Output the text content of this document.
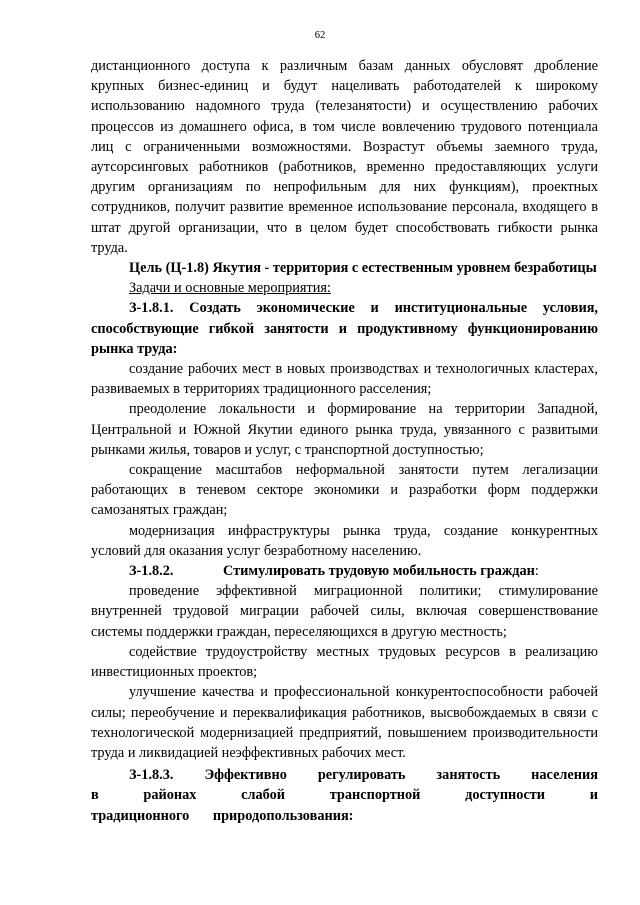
62

дистанционного доступа к различным базам данных обусловят дробление крупных бизнес-единиц и будут нацеливать работодателей к широкому использованию надомного труда (телезанятости) и осуществлению рабочих процессов из домашнего офиса, в том числе вовлечению трудового потенциала лиц с ограниченными возможностями. Возрастут объемы заемного труда, аутсорсинговых работников (работников, временно предоставляющих услуги другим организациям по непрофильным для них функциям), проектных сотрудников, получит развитие временное использование персонала, входящего в штат другой организации, что в целом будет способствовать гибкости рынка труда.

Цель (Ц-1.8) Якутия - территория с естественным уровнем безработицы

Задачи и основные мероприятия:

З-1.8.1. Создать экономические и институциональные условия, способствующие гибкой занятости и продуктивному функционированию рынка труда:

создание рабочих мест в новых производствах и технологичных кластерах, развиваемых в территориях традиционного расселения;

преодоление локальности и формирование на территории Западной, Центральной и Южной Якутии единого рынка труда, увязанного с развитыми рынками жилья, товаров и услуг, с транспортной доступностью;

сокращение масштабов неформальной занятости путем легализации работающих в теневом секторе экономики и разработки форм поддержки самозанятых граждан;

модернизация инфраструктуры рынка труда, создание конкурентных условий для оказания услуг безработному населению.

З-1.8.2.	Стимулировать трудовую мобильность граждан :

проведение эффективной миграционной политики; стимулирование внутренней трудовой миграции рабочей силы, включая совершенствование системы поддержки граждан, переселяющихся в другую местность;

содействие трудоустройству местных трудовых ресурсов в реализацию инвестиционных проектов;

улучшение качества и профессиональной конкурентоспособности рабочей силы; переобучение и переквалификация работников, высвобождаемых в связи с технологической модернизацией предприятий, повышением производительности труда и ликвидацией неэффективных рабочих мест.

З-1.8.3. Эффективно регулировать занятость населения в районах слабой транспортной доступности и традиционного природопользования:
